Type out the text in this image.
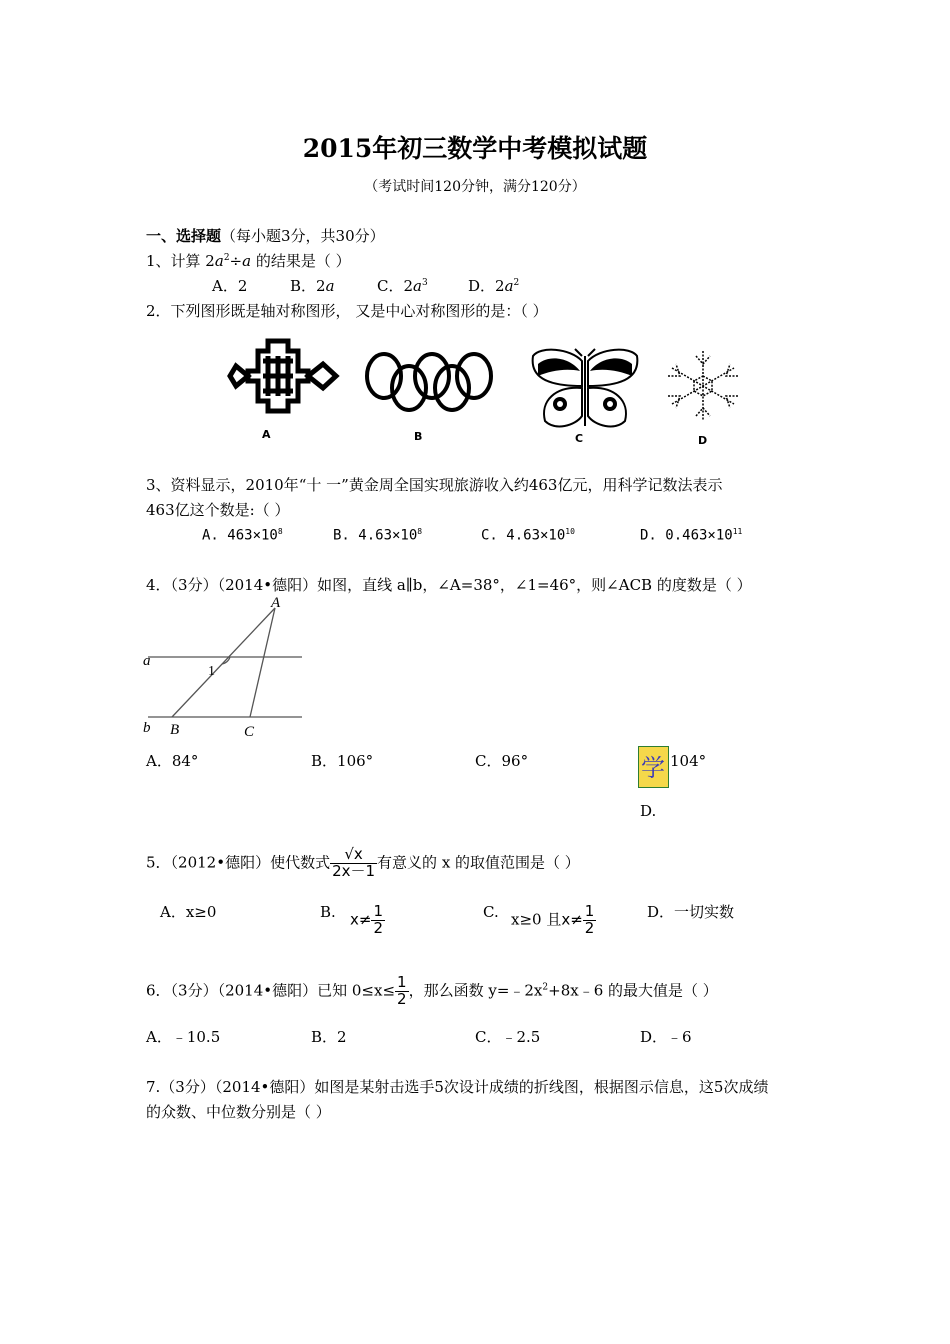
2015年初三数学中考模拟试题
（考试时间120分钟，满分120分）
一、选择题（每小题3分，共30分）
1、计算 $2a^2\div a$ 的结果是（ ）
A．2	B．2a	C．$2a^3$	D．$2a^2$
2．下列图形既是轴对称图形， 又是中心对称图形的是：（ ）
A	B	C	D
3、资料显示，2010年“十 一”黄金周全国实现旅游收入约463亿元，用科学记数法表示
463亿这个数是:（ ）
A. $463\times 10^8$	B. $4.63\times 10^8$	C. $4.63\times 10^{10}$	D. $0.463\times 10^{11}$
4．（3分）（2014•德阳）如图，直线 a∥b，∠A=38°，∠1=46°，则∠ACB 的度数是（ ）
A
a
1
b B	C
A．84°	B．106°	C．96°	学 104°
D.
5．（2012•德阳）使代数式 $\frac{√x}{2x-1}$ 有意义的 x 的取值范围是（ ）
A．x≥0	B. $x\ne \frac{1}{2}$	C. x≥0 且$x\ne \frac{1}{2}$	D．一切实数
6．（3分）（2014•德阳）已知 $0\le x\le \frac{1}{2}$ ，那么函数 $y=﹣2x^2+8x﹣6$ 的最大值是（ ）
A．﹣10.5	B．2	C．﹣2.5	D．﹣6
7.（3分）（2014•德阳）如图是某射击选手5次设计成绩的折线图，根据图示信息，这5次成绩
的众数、中位数分别是（ ）
